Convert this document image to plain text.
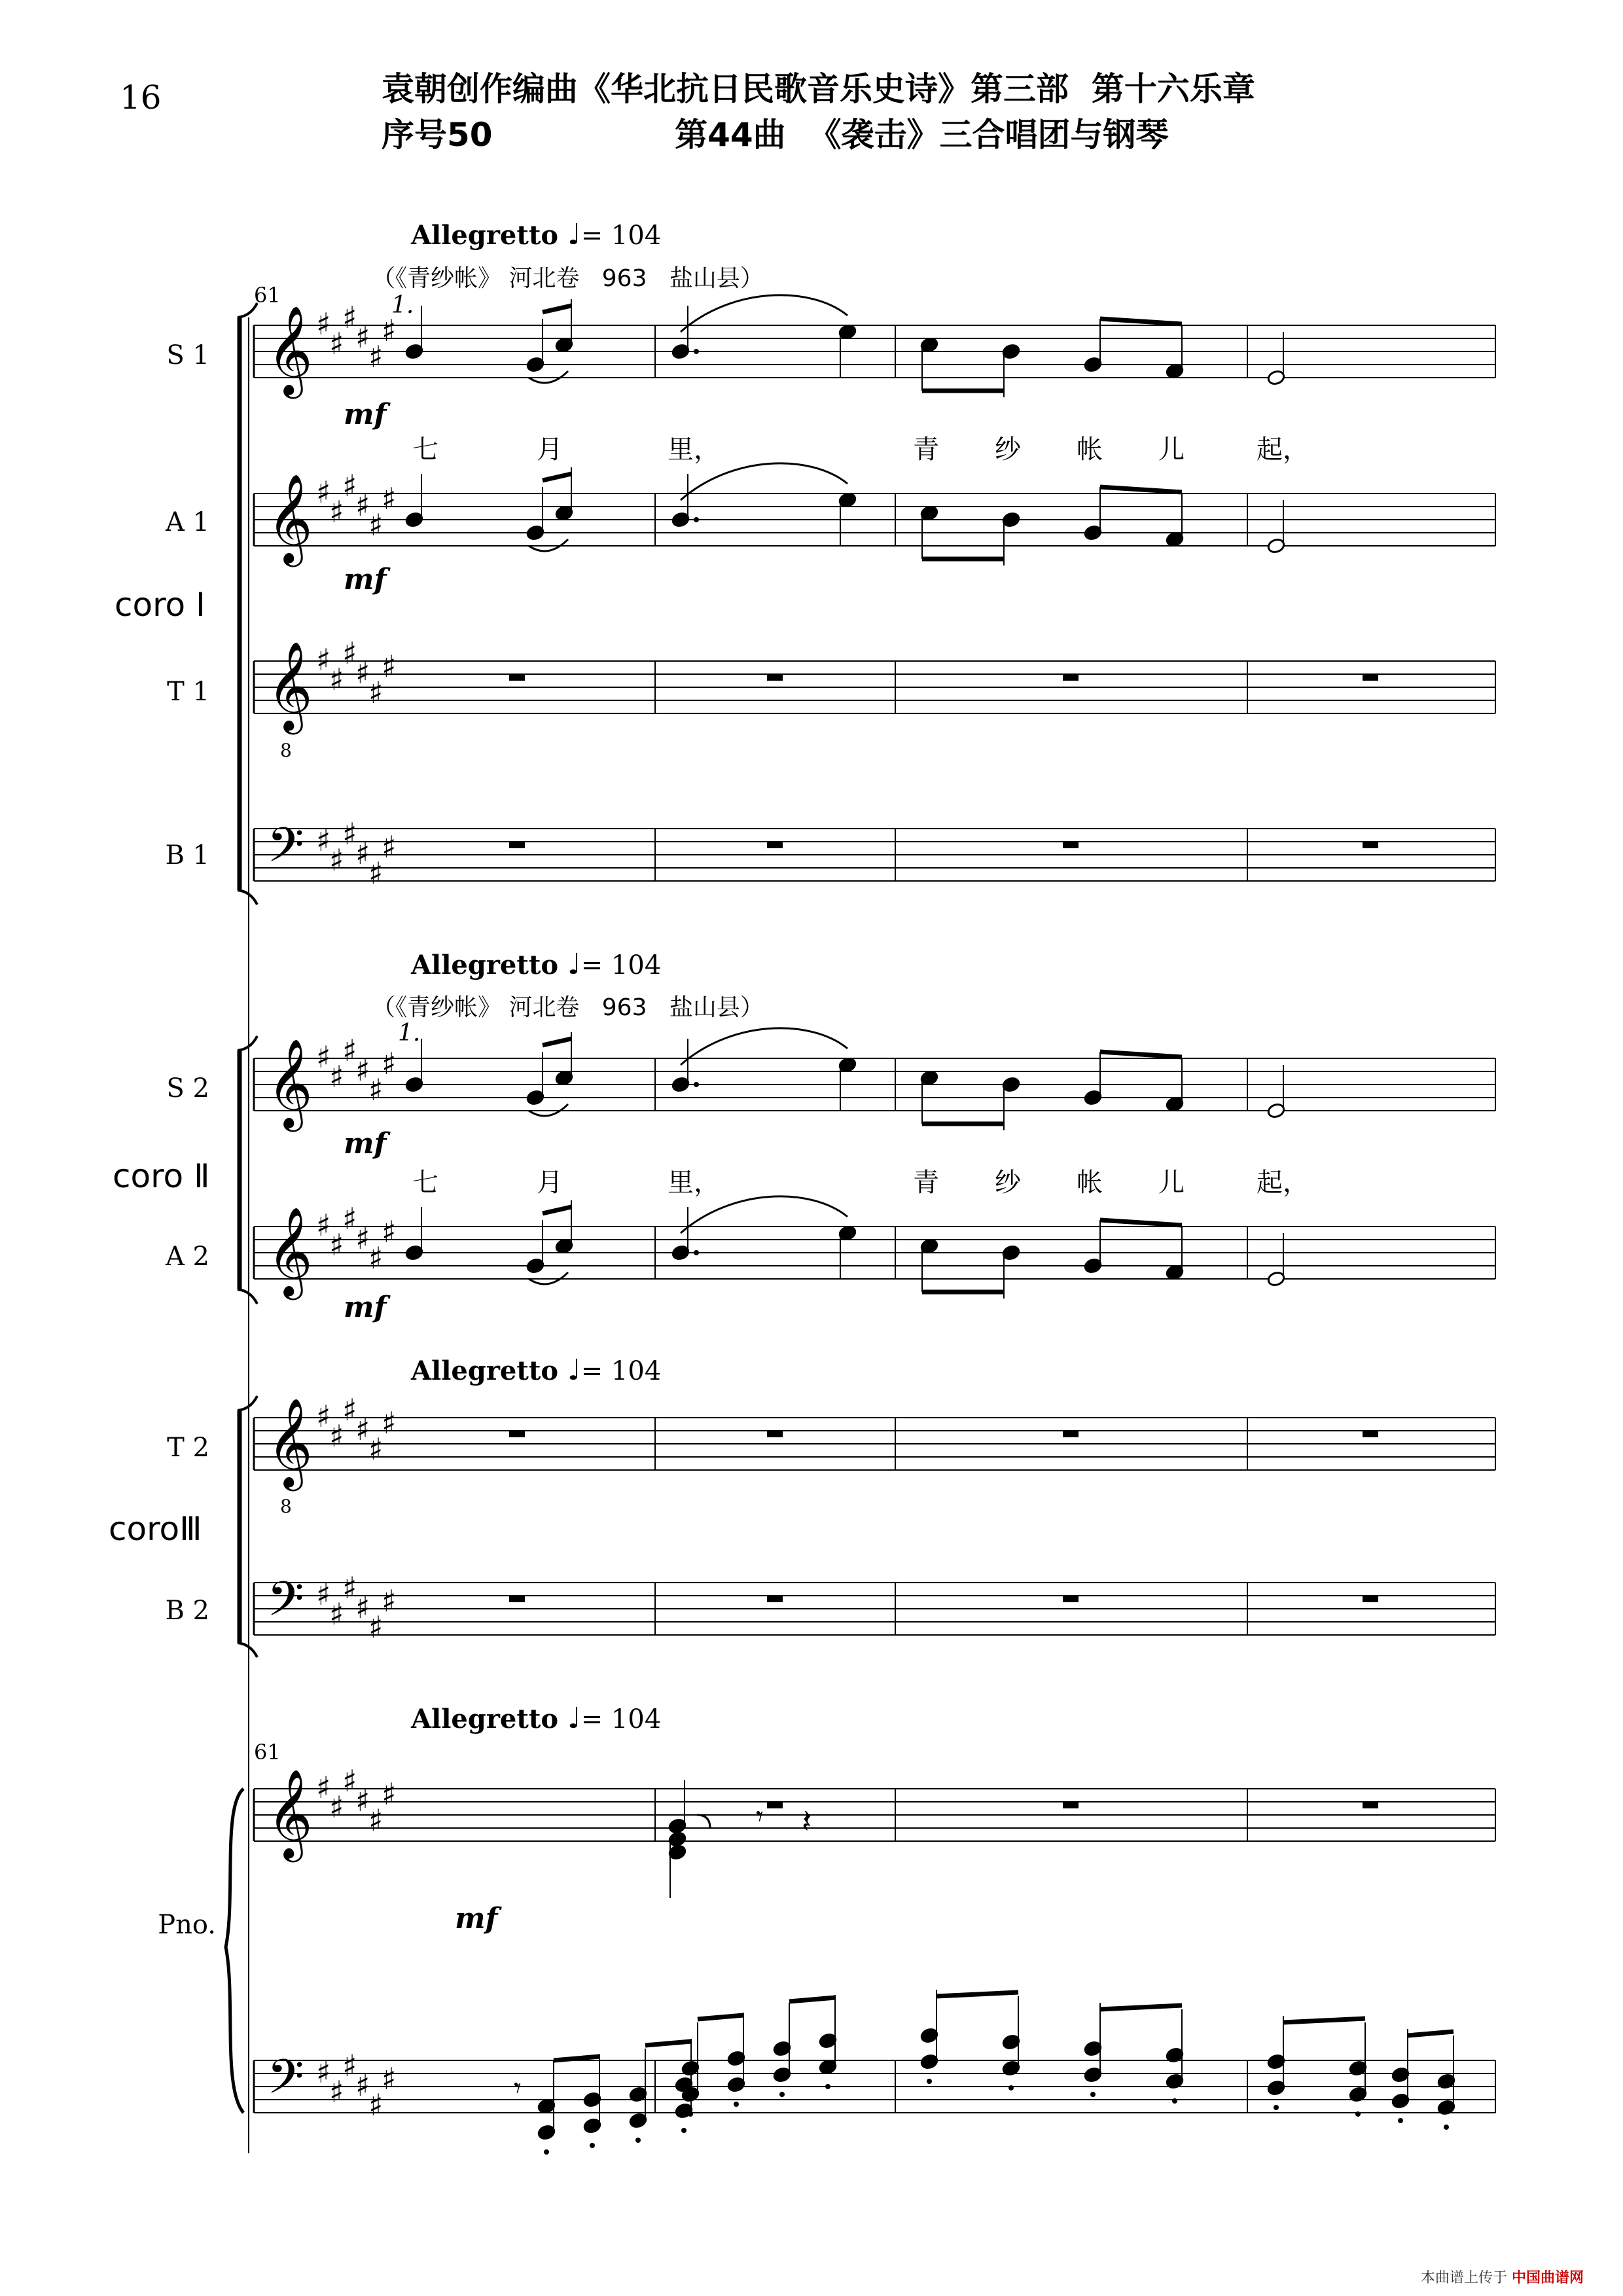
16	袁朝创作编曲《华北抗日民歌音乐史诗》第三部  第十六乐章
序号50                第44曲  《袭击》三合唱团与钢琴
Allegretto ♩= 104
（《青纱帐》 河北卷   963   盐山县）
Allegretto ♩= 104
（《青纱帐》 河北卷   963   盐山县）
Allegretto ♩= 104
Allegretto ♩= 104
61
61
1.
1.
S 1
A 1
T 1
B 1
S 2
A 2
T 2
B 2
Pno.
coro Ⅰ
coro Ⅱ
coroⅢ
8
8
mf
mf
mf
mf
mf
七	月	里，	青 纱 帐 儿	起，
七	月	里，	青 纱 帐 儿	起，
𝄞 ♯
♯
♯
♯
♯
♯
𝄞 ♯
♯
♯
♯
♯
♯
𝄞 ♯
♯
♯
♯
♯
♯
𝄢 ♯
♯
♯
♯
♯
♯
𝄞 ♯
♯
♯
♯
♯
♯
𝄞 ♯
♯
♯
♯
♯
♯
𝄞 ♯
♯
♯
♯
♯
♯
𝄢 ♯
♯
♯
♯
♯
♯
𝄞 ♯
♯
♯
♯
♯
♯
𝄢 ♯
♯
♯
♯
♯
♯
𝄾 𝄽
𝄾
本曲谱上传于 中国曲谱网
